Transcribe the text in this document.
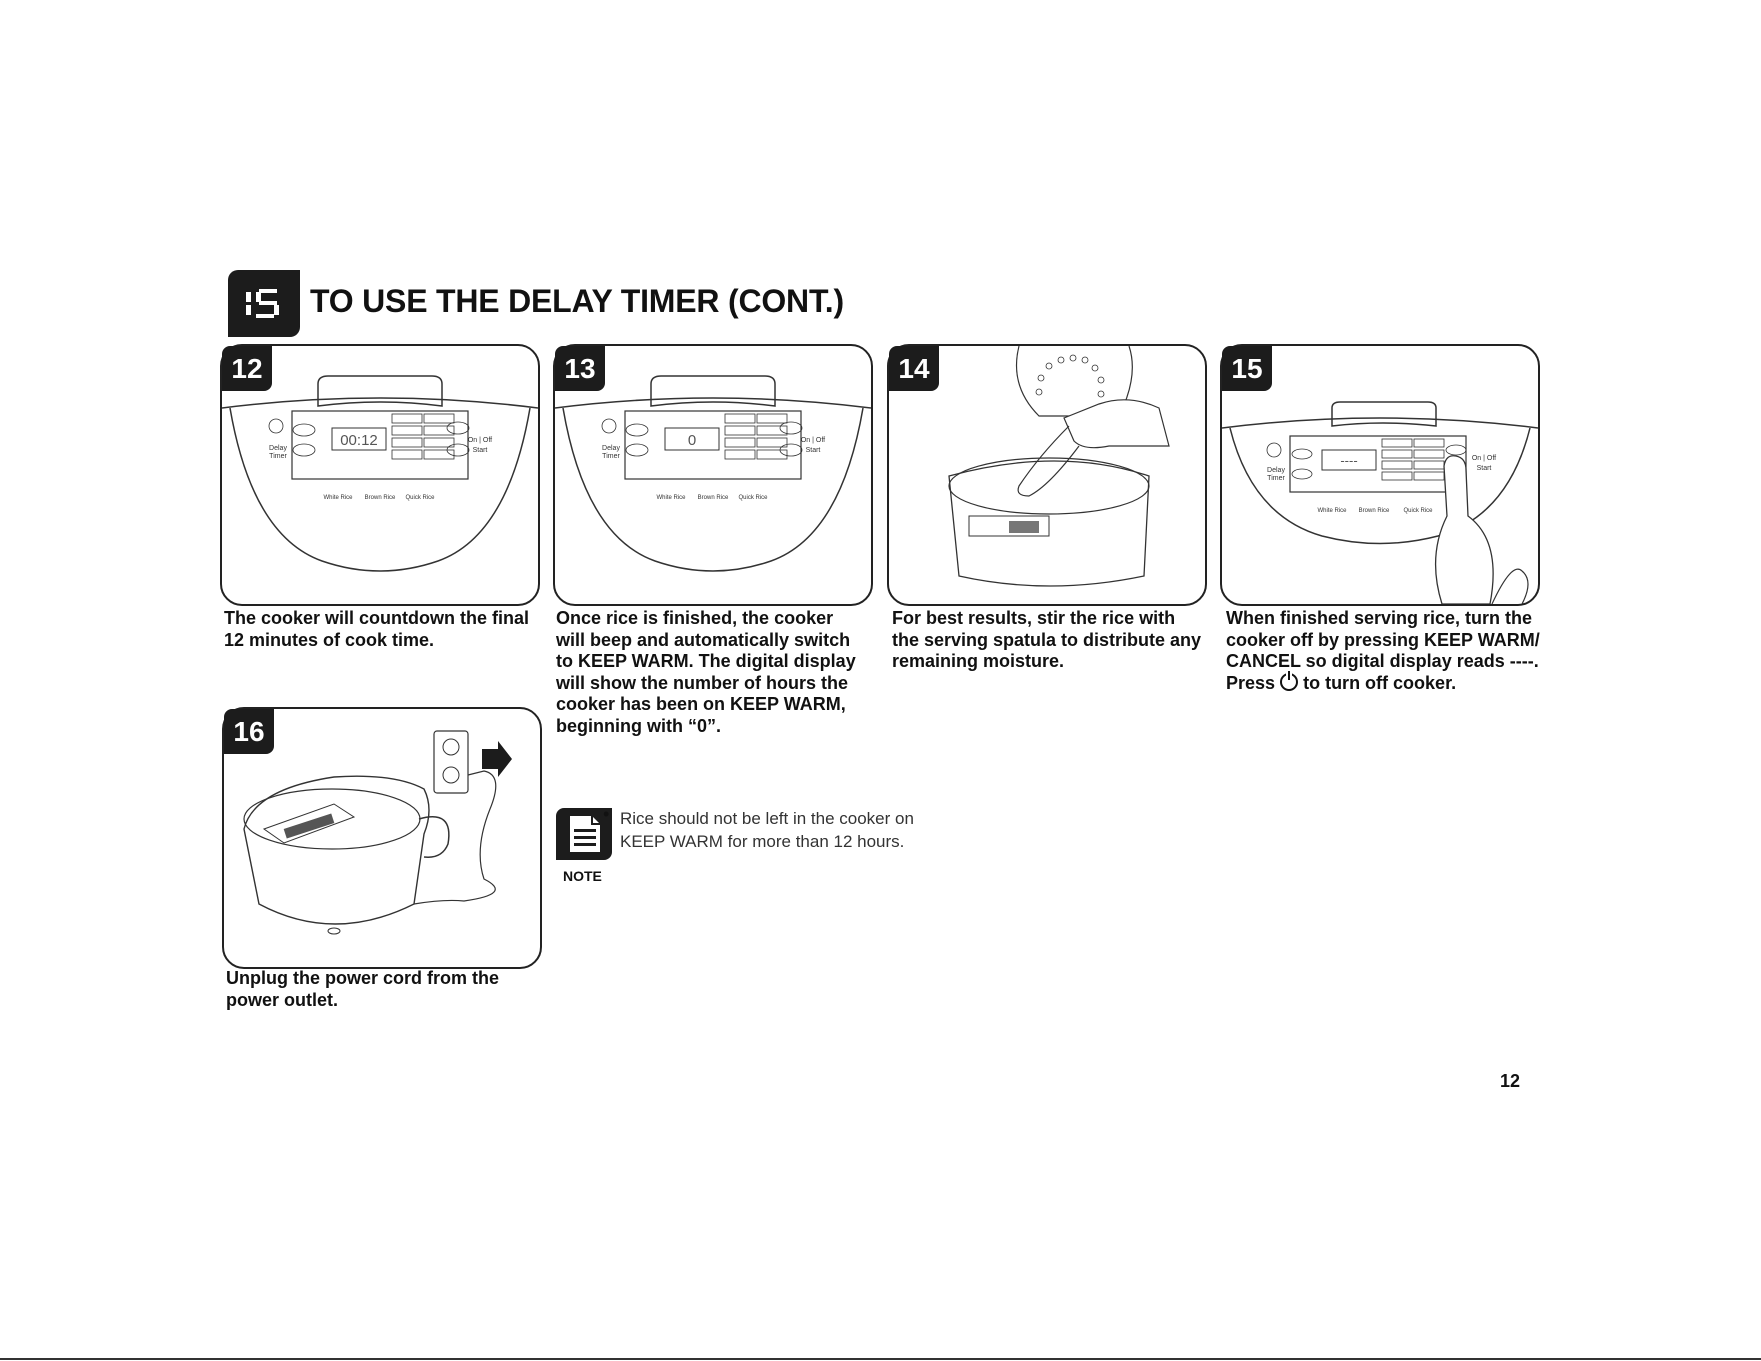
TO USE THE DELAY TIMER (CONT.)
00:12
Delay
Timer
On | Off
Start
White Rice Brown Rice Quick Rice
12
The cooker will countdown the final
12 minutes of cook time.
0
Delay
Timer
On | Off
Start
White Rice Brown Rice Quick Rice
13
Once rice is finished, the cooker
will beep and automatically switch
to KEEP WARM. The digital display
will show the number of hours the
cooker has been on KEEP WARM,
beginning with “0”.
14
For best results, stir the rice with
the serving spatula to distribute any
remaining moisture.
----
Delay
Timer
On | Off
Start
White Rice Brown Rice Quick Rice
15
When finished serving rice, turn the
cooker off by pressing KEEP WARM/
CANCEL so digital display reads ----.
Press to turn off cooker.
16
Unplug the power cord from the
power outlet.
NOTE
• Rice should not be left in the cooker on
KEEP WARM for more than 12 hours.
12
